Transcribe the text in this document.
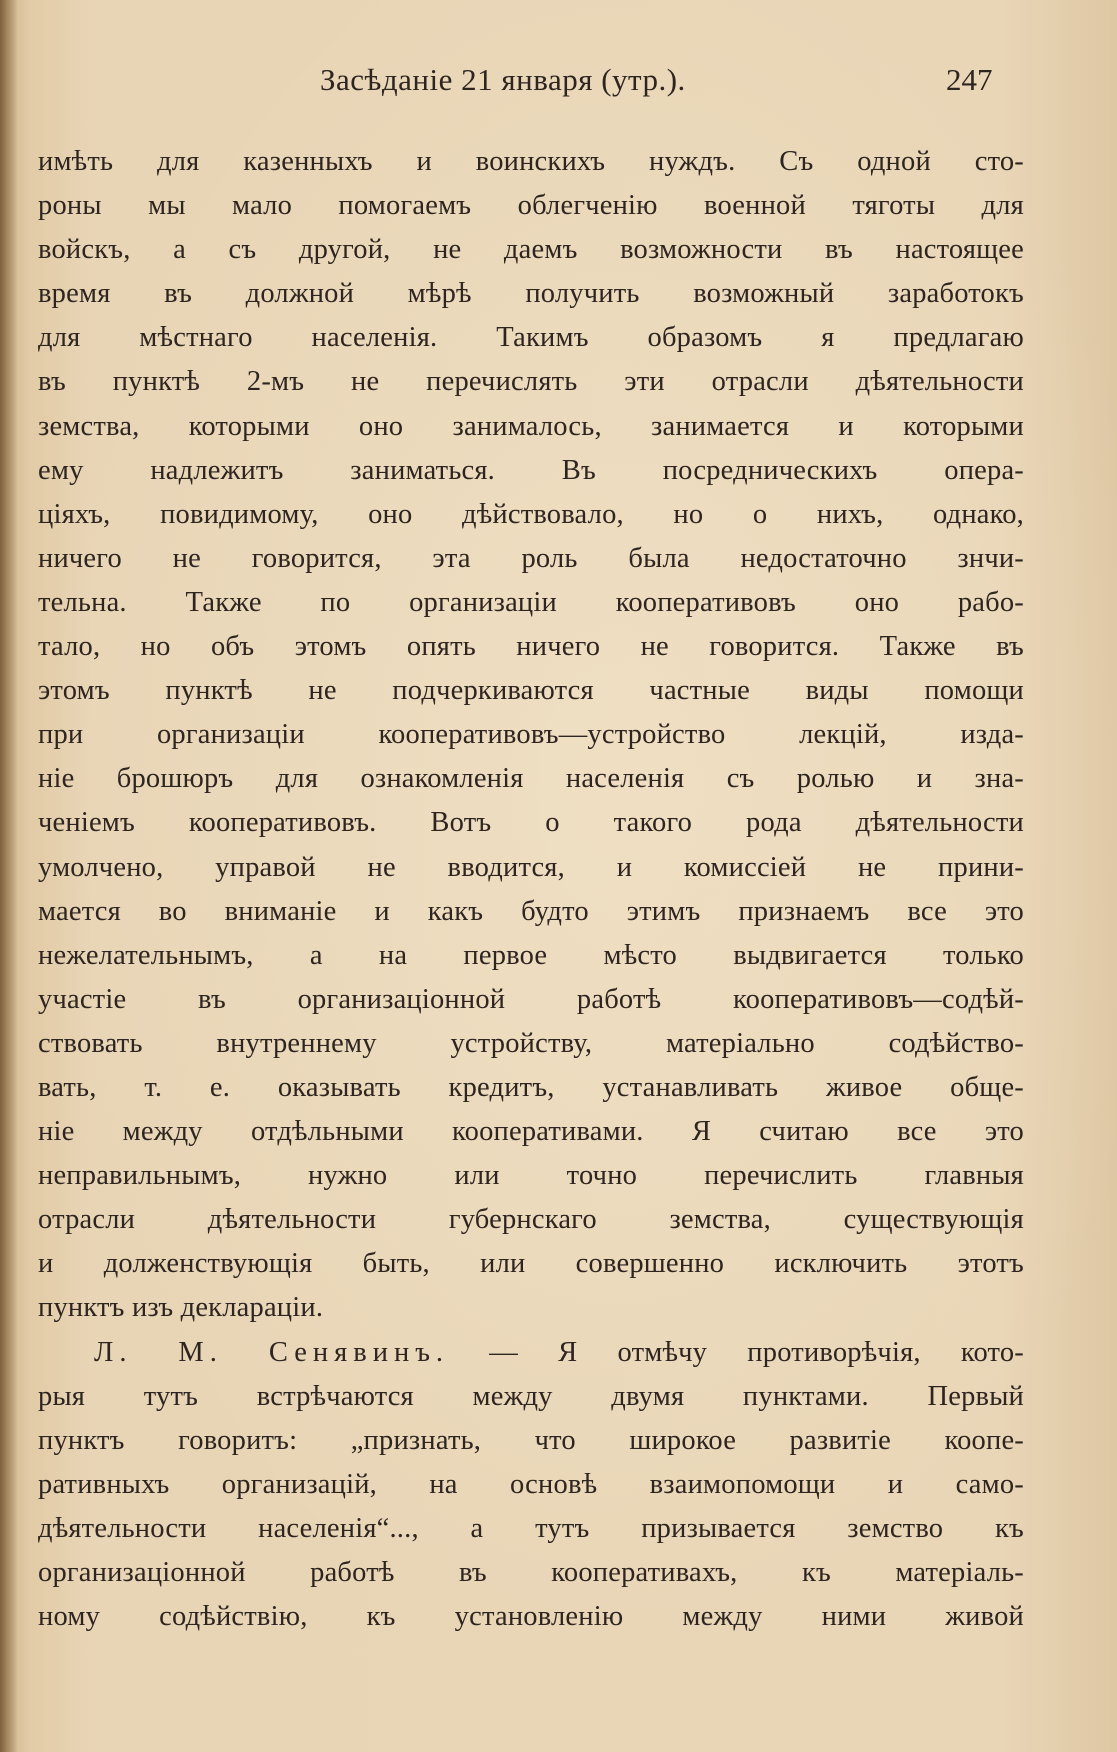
Засѣданіе 21 января (утр.).	247
имѣть для казенныхъ и воинскихъ нуждъ. Съ одной сто-
роны мы мало помогаемъ облегченію военной тяготы для
войскъ, а съ другой, не даемъ возможности въ настоящее
время въ должной мѣрѣ получить возможный заработокъ
для мѣстнаго населенія. Такимъ образомъ я предлагаю
въ пунктѣ 2-мъ не перечислять эти отрасли дѣятельности
земства, которыми оно занималось, занимается и которыми
ему надлежитъ заниматься. Въ посредническихъ опера-
ціяхъ, повидимому, оно дѣйствовало, но о нихъ, однако,
ничего не говорится, эта роль была недостаточно знчи-
тельна. Также по организаціи кооперативовъ оно рабо-
тало, но объ этомъ опять ничего не говорится. Также въ
этомъ пунктѣ не подчеркиваются частные виды помощи
при организаціи кооперативовъ—устройство лекцій, изда-
ніе брошюръ для ознакомленія населенія съ ролью и зна-
ченіемъ кооперативовъ. Вотъ о такого рода дѣятельности
умолчено, управой не вводится, и комиссіей не прини-
мается во вниманіе и какъ будто этимъ признаемъ все это
нежелательнымъ, а на первое мѣсто выдвигается только
участіе въ организаціонной работѣ кооперативовъ—содѣй-
ствовать внутреннему устройству, матеріально содѣйство-
вать, т. е. оказывать кредитъ, устанавливать живое обще-
ніе между отдѣльными кооперативами. Я считаю все это
неправильнымъ, нужно или точно перечислить главныя
отрасли дѣятельности губернскаго земства, существующія
и долженствующія быть, или совершенно исключить этотъ
пунктъ изъ деклараціи.
Л. М. Сенявинъ. — Я отмѣчу противорѣчія, кото-
рыя тутъ встрѣчаются между двумя пунктами. Первый
пунктъ говоритъ: „признать, что широкое развитіе коопе-
ративныхъ организацій, на основѣ взаимопомощи и само-
дѣятельности населенія“..., а тутъ призывается земство къ
организаціонной работѣ въ кооперативахъ, къ матеріаль-
ному содѣйствію, къ установленію между ними живой
